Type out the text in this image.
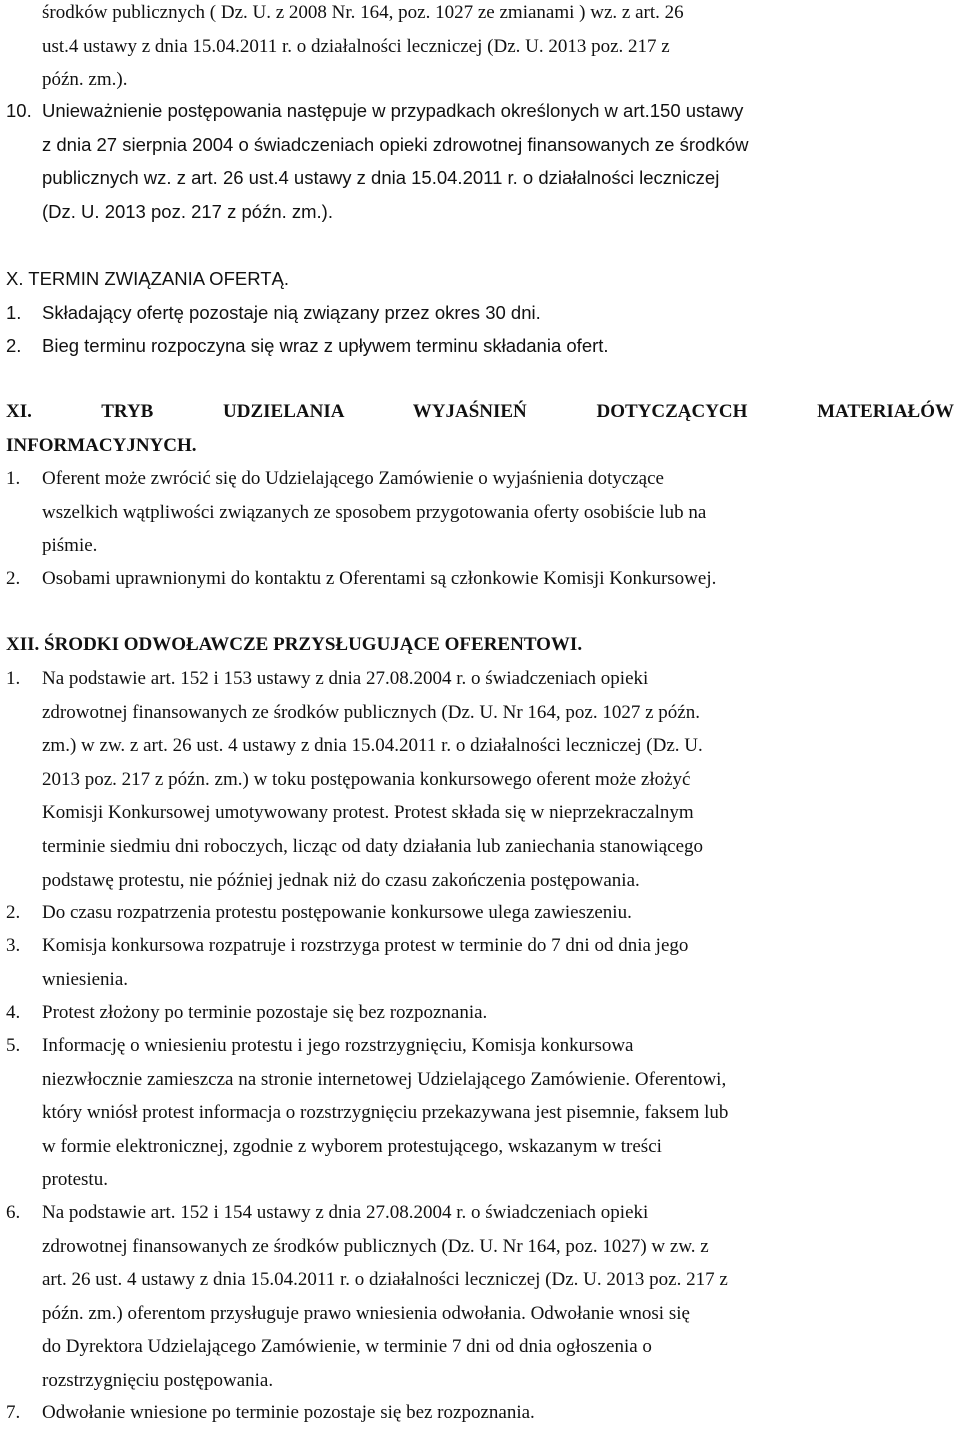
środków publicznych ( Dz. U. z 2008 Nr. 164, poz. 1027 ze zmianami ) wz. z art. 26
ust.4 ustawy z dnia 15.04.2011 r. o działalności leczniczej (Dz. U. 2013 poz. 217 z
późn. zm.).
10. Unieważnienie postępowania następuje w przypadkach określonych w art.150 ustawy
z dnia 27 sierpnia 2004 o świadczeniach opieki zdrowotnej finansowanych ze środków
publicznych wz. z art. 26 ust.4 ustawy z dnia 15.04.2011 r. o działalności leczniczej
(Dz. U. 2013 poz. 217 z późn. zm.).
X. TERMIN ZWIĄZANIA OFERTĄ.
1. Składający ofertę pozostaje nią związany przez okres 30 dni.
2. Bieg terminu rozpoczyna się wraz z upływem terminu składania ofert.
XI. TRYB UDZIELANIA WYJAŚNIEŃ DOTYCZĄCYCH MATERIAŁÓW
INFORMACYJNYCH.
1. Oferent może zwrócić się do Udzielającego Zamówienie o wyjaśnienia dotyczące
wszelkich wątpliwości związanych ze sposobem przygotowania oferty osobiście lub na
piśmie.
2. Osobami uprawnionymi do kontaktu z Oferentami są członkowie Komisji Konkursowej.
XII. ŚRODKI ODWOŁAWCZE PRZYSŁUGUJĄCE OFERENTOWI.
1. Na podstawie art. 152 i 153 ustawy z dnia 27.08.2004 r. o świadczeniach opieki
zdrowotnej finansowanych ze środków publicznych (Dz. U. Nr 164, poz. 1027 z późn.
zm.) w zw. z art. 26 ust. 4 ustawy z dnia 15.04.2011 r. o działalności leczniczej (Dz. U.
2013 poz. 217 z późn. zm.) w toku postępowania konkursowego oferent może złożyć
Komisji Konkursowej umotywowany protest. Protest składa się w nieprzekraczalnym
terminie siedmiu dni roboczych, licząc od daty działania lub zaniechania stanowiącego
podstawę protestu, nie później jednak niż do czasu zakończenia postępowania.
2. Do czasu rozpatrzenia protestu postępowanie konkursowe ulega zawieszeniu.
3. Komisja konkursowa rozpatruje i rozstrzyga protest w terminie do 7 dni od dnia jego
wniesienia.
4. Protest złożony po terminie pozostaje się bez rozpoznania.
5. Informację o wniesieniu protestu i jego rozstrzygnięciu, Komisja konkursowa
niezwłocznie zamieszcza na stronie internetowej Udzielającego Zamówienie. Oferentowi,
który wniósł protest informacja o rozstrzygnięciu przekazywana jest pisemnie, faksem lub
w formie elektronicznej, zgodnie z wyborem protestującego, wskazanym w treści
protestu.
6. Na podstawie art. 152 i 154 ustawy z dnia 27.08.2004 r. o świadczeniach opieki
zdrowotnej finansowanych ze środków publicznych (Dz. U. Nr 164, poz. 1027) w zw. z
art. 26 ust. 4 ustawy z dnia 15.04.2011 r. o działalności leczniczej (Dz. U. 2013 poz. 217 z
późn. zm.) oferentom przysługuje prawo wniesienia odwołania. Odwołanie wnosi się
do Dyrektora Udzielającego Zamówienie, w terminie 7 dni od dnia ogłoszenia o
rozstrzygnięciu postępowania.
7. Odwołanie wniesione po terminie pozostaje się bez rozpoznania.
